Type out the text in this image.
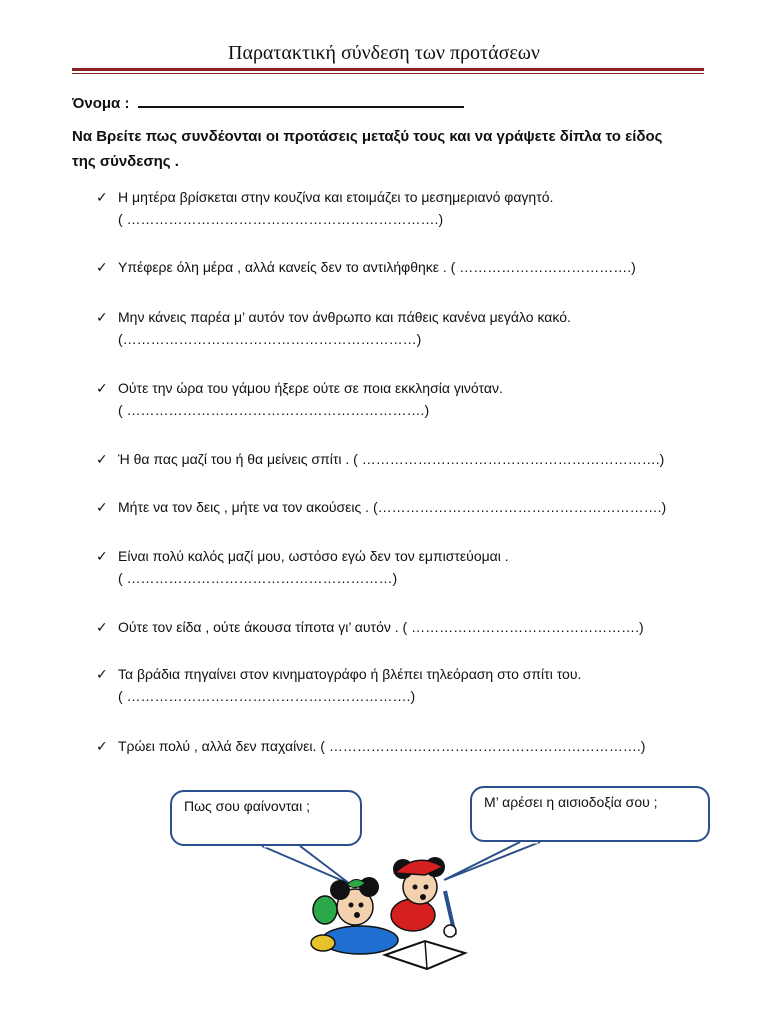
Παρατακτική σύνδεση των προτάσεων
Όνομα :
Να Βρείτε πως συνδέονται οι προτάσεις μεταξύ τους και να γράψετε δίπλα το είδος της σύνδεσης .
✓ Η μητέρα βρίσκεται στην κουζίνα και ετοιμάζει το μεσημεριανό φαγητό.
( ………………………………………………………….)
✓ Υπέφερε όλη μέρα , αλλά κανείς δεν το αντιλήφθηκε . ( ……………………………….)
✓ Μην κάνεις παρέα μ’ αυτόν τον άνθρωπο και πάθεις κανένα μεγάλο κακό.
(………………………………………………………)
✓ Ούτε την ώρα του γάμου ήξερε ούτε σε ποια εκκλησία γινόταν.
( ……………………………………………………….)
✓ Ή θα πας μαζί του ή θα μείνεις σπίτι . ( ……………………………………………………….)
✓ Μήτε να τον δεις , μήτε να τον ακούσεις . (…………………………………………………….)
✓ Είναι πολύ καλός μαζί μου, ωστόσο εγώ δεν τον εμπιστεύομαι .
( …………………………………………………)
✓ Ούτε τον είδα , ούτε άκουσα τίποτα γι’ αυτόν . ( ………………………………………….)
✓ Τα βράδια πηγαίνει στον κινηματογράφο ή βλέπει τηλεόραση στο σπίτι του.
( …………………………………………………….)
✓ Τρώει πολύ , αλλά δεν παχαίνει. ( ………………………………………………………….)
Πως σου φαίνονται ;	Μ’ αρέσει η αισιοδοξία σου ;
